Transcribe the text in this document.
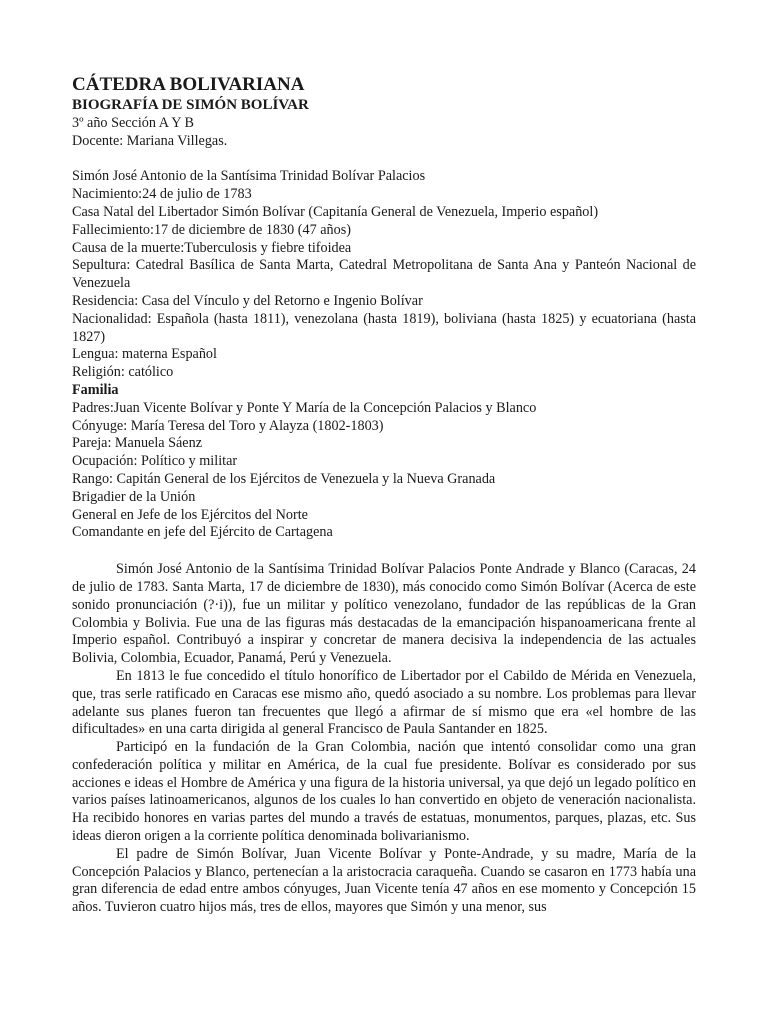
CÁTEDRA BOLIVARIANA
BIOGRAFÍA DE SIMÓN BOLÍVAR

3º año Sección A Y B

Docente: Mariana Villegas.

Simón José Antonio de la Santísima Trinidad Bolívar Palacios

Nacimiento:24 de julio de 1783

Casa Natal del Libertador Simón Bolívar (Capitanía General de Venezuela, Imperio español)

Fallecimiento:17 de diciembre de 1830 (47 años)

Causa de la muerte:Tuberculosis y fiebre tifoidea

Sepultura: Catedral Basílica de Santa Marta, Catedral Metropolitana de Santa Ana y Panteón Nacional de Venezuela

Residencia: Casa del Vínculo y del Retorno e Ingenio Bolívar

Nacionalidad: Española (hasta 1811), venezolana (hasta 1819), boliviana (hasta 1825) y ecuatoriana (hasta 1827)

Lengua: materna Español

Religión: católico

Familia

Padres:Juan Vicente Bolívar y Ponte Y María de la Concepción Palacios y Blanco

Cónyuge: María Teresa del Toro y Alayza (1802-1803)

Pareja: Manuela Sáenz

Ocupación: Político y militar

Rango: Capitán General de los Ejércitos de Venezuela y la Nueva Granada

Brigadier de la Unión

General en Jefe de los Ejércitos del Norte

Comandante en jefe del Ejército de Cartagena

Simón José Antonio de la Santísima Trinidad Bolívar Palacios Ponte Andrade y Blanco (Caracas, 24 de julio de 1783. Santa Marta, 17 de diciembre de 1830), más conocido como Simón Bolívar (Acerca de este sonido pronunciación (?·i)), fue un militar y político venezolano, fundador de las repúblicas de la Gran Colombia y Bolivia. Fue una de las figuras más destacadas de la emancipación hispanoamericana frente al Imperio español. Contribuyó a inspirar y concretar de manera decisiva la independencia de las actuales Bolivia, Colombia, Ecuador, Panamá, Perú y Venezuela.

En 1813 le fue concedido el título honorífico de Libertador por el Cabildo de Mérida en Venezuela, que, tras serle ratificado en Caracas ese mismo año, quedó asociado a su nombre. Los problemas para llevar adelante sus planes fueron tan frecuentes que llegó a afirmar de sí mismo que era «el hombre de las dificultades» en una carta dirigida al general Francisco de Paula Santander en 1825.

Participó en la fundación de la Gran Colombia, nación que intentó consolidar como una gran confederación política y militar en América, de la cual fue presidente. Bolívar es considerado por sus acciones e ideas el Hombre de América y una figura de la historia universal, ya que dejó un legado político en varios países latinoamericanos, algunos de los cuales lo han convertido en objeto de veneración nacionalista. Ha recibido honores en varias partes del mundo a través de estatuas, monumentos, parques, plazas, etc. Sus ideas dieron origen a la corriente política denominada bolivarianismo.

El padre de Simón Bolívar, Juan Vicente Bolívar y Ponte-Andrade, y su madre, María de la Concepción Palacios y Blanco, pertenecían a la aristocracia caraqueña. Cuando se casaron en 1773 había una gran diferencia de edad entre ambos cónyuges, Juan Vicente tenía 47 años en ese momento y Concepción 15 años. Tuvieron cuatro hijos más, tres de ellos, mayores que Simón y una menor, sus
